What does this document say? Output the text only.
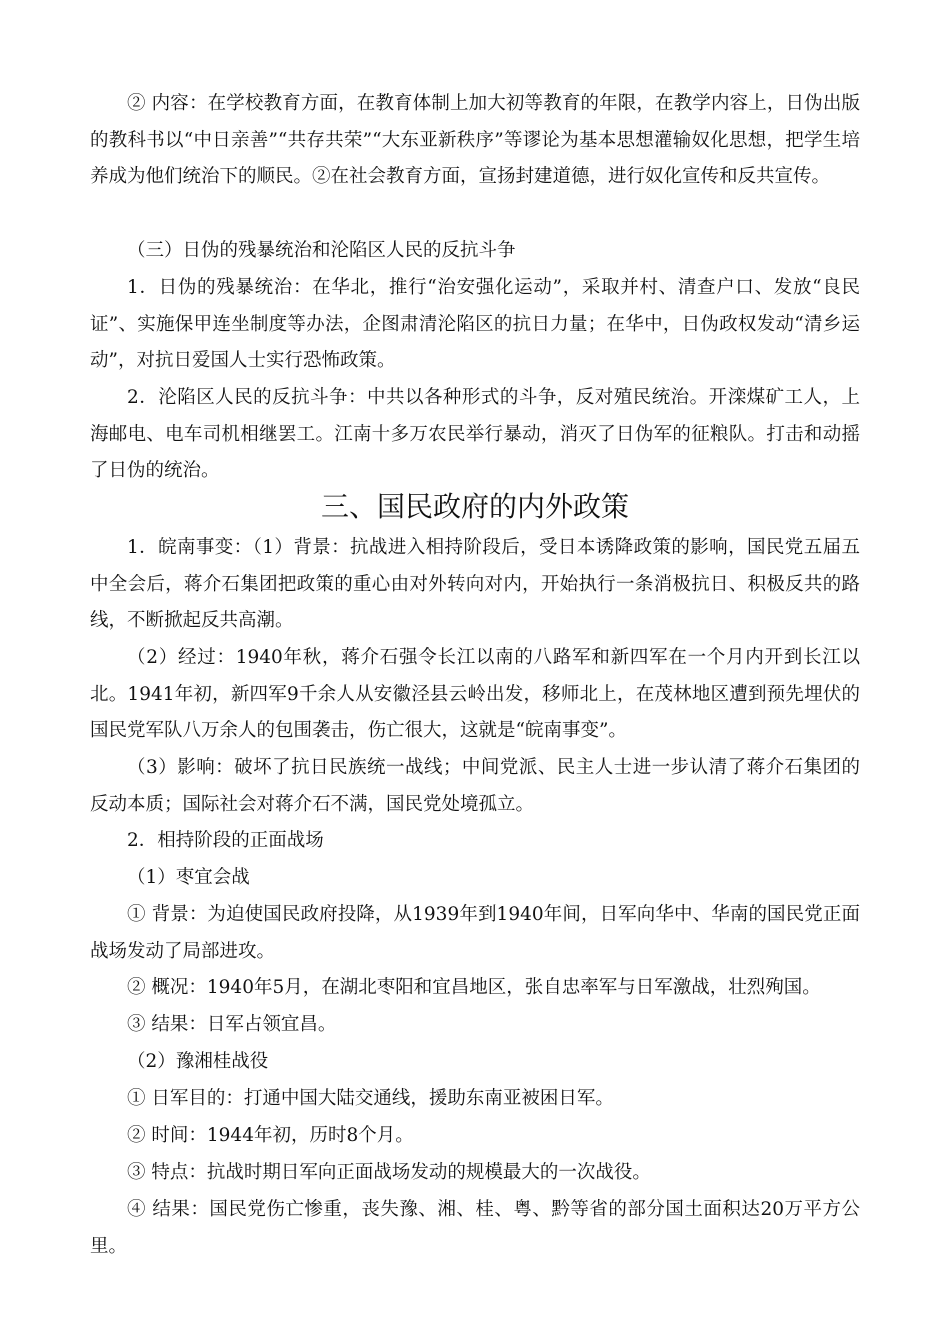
② 内容：在学校教育方面，在教育体制上加大初等教育的年限，在教学内容上，日伪出版的教科书以“中日亲善”“共存共荣”“大东亚新秩序”等谬论为基本思想灌输奴化思想，把学生培养成为他们统治下的顺民。②在社会教育方面，宣扬封建道德，进行奴化宣传和反共宣传。

（三）日伪的残暴统治和沦陷区人民的反抗斗争

1．日伪的残暴统治：在华北，推行“治安强化运动”，采取并村、清查户口、发放“良民证”、实施保甲连坐制度等办法，企图肃清沦陷区的抗日力量；在华中，日伪政权发动“清乡运动”，对抗日爱国人士实行恐怖政策。

2．沦陷区人民的反抗斗争：中共以各种形式的斗争，反对殖民统治。开滦煤矿工人，上海邮电、电车司机相继罢工。江南十多万农民举行暴动，消灭了日伪军的征粮队。打击和动摇了日伪的统治。

三、国民政府的内外政策

1．皖南事变：（1）背景：抗战进入相持阶段后，受日本诱降政策的影响，国民党五届五中全会后，蒋介石集团把政策的重心由对外转向对内，开始执行一条消极抗日、积极反共的路线，不断掀起反共高潮。

（2）经过：1940年秋，蒋介石强令长江以南的八路军和新四军在一个月内开到长江以北。1941年初，新四军9千余人从安徽泾县云岭出发，移师北上，在茂林地区遭到预先埋伏的国民党军队八万余人的包围袭击，伤亡很大，这就是“皖南事变”。

（3）影响：破坏了抗日民族统一战线；中间党派、民主人士进一步认清了蒋介石集团的反动本质；国际社会对蒋介石不满，国民党处境孤立。

2．相持阶段的正面战场

（1）枣宜会战

① 背景：为迫使国民政府投降，从1939年到1940年间，日军向华中、华南的国民党正面战场发动了局部进攻。

② 概况：1940年5月，在湖北枣阳和宜昌地区，张自忠率军与日军激战，壮烈殉国。

③ 结果：日军占领宜昌。

（2）豫湘桂战役

① 日军目的：打通中国大陆交通线，援助东南亚被困日军。

② 时间：1944年初，历时8个月。

③ 特点：抗战时期日军向正面战场发动的规模最大的一次战役。

④ 结果：国民党伤亡惨重，丧失豫、湘、桂、粤、黔等省的部分国土面积达20万平方公里。
